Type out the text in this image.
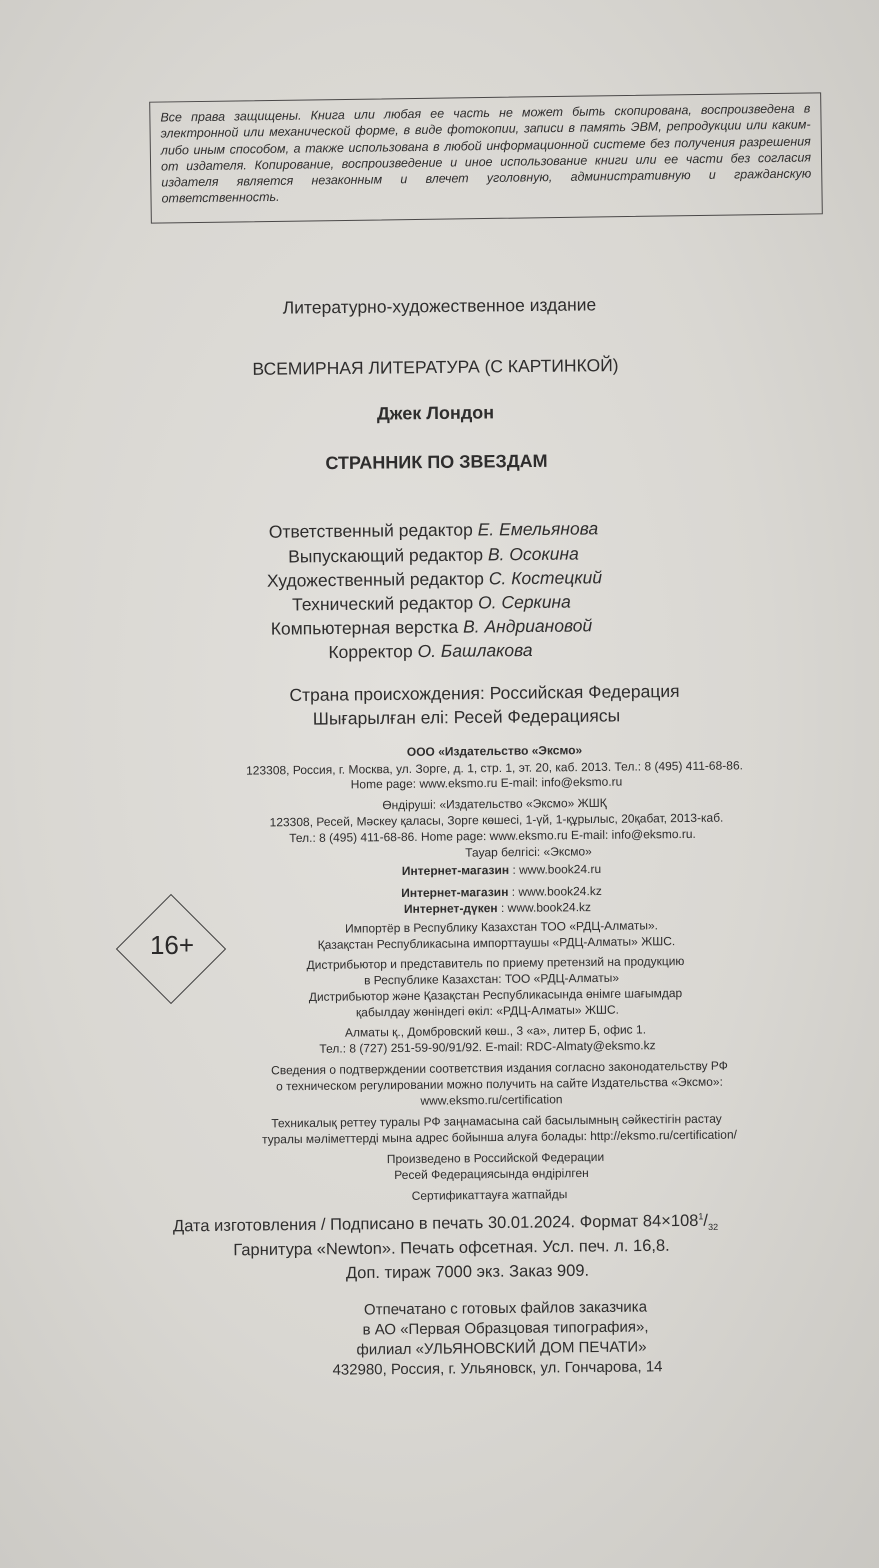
Все права защищены. Книга или любая ее часть не может быть скопирована, воспроизведена в электронной или механической форме, в виде фотокопии, записи в память ЭВМ, репродукции или каким-либо иным способом, а также использована в любой информационной системе без получения разрешения от издателя. Копирование, воспроизведение и иное использование книги или ее части без согласия издателя является незаконным и влечет уголовную, административную и гражданскую ответственность.
Литературно-художественное издание
ВСЕМИРНАЯ ЛИТЕРАТУРА (С КАРТИНКОЙ)
Джек Лондон
СТРАННИК ПО ЗВЕЗДАМ
Ответственный редактор Е. Емельянова
Выпускающий редактор В. Осокина
Художественный редактор С. Костецкий
Технический редактор О. Серкина
Компьютерная верстка В. Андриановой
Корректор О. Башлакова
Страна происхождения: Российская Федерация
Шығарылған елі: Ресей Федерациясы
ООО «Издательство «Эксмо»
123308, Россия, г. Москва, ул. Зорге, д. 1, стр. 1, эт. 20, каб. 2013. Тел.: 8 (495) 411-68-86.
Home page: www.eksmo.ru E-mail: info@eksmo.ru
Өндіруші: «Издательство «Эксмо» ЖШҚ
123308, Ресей, Мәскеу қаласы, Зорге көшесі, 1-үй, 1-құрылыс, 20қабат, 2013-каб.
Тел.: 8 (495) 411-68-86. Home page: www.eksmo.ru E-mail: info@eksmo.ru.
Тауар белгісі: «Эксмо»
Интернет-магазин : www.book24.ru
Интернет-магазин : www.book24.kz
Интернет-дүкен : www.book24.kz
16+
Импортёр в Республику Казахстан ТОО «РДЦ-Алматы».
Қазақстан Республикасына импорттаушы «РДЦ-Алматы» ЖШС.
Дистрибьютор и представитель по приему претензий на продукцию
в Республике Казахстан: ТОО «РДЦ-Алматы»
Дистрибьютор және Қазақстан Республикасында өнімге шағымдар
қабылдау жөніндегі өкіл: «РДЦ-Алматы» ЖШС.
Алматы қ., Домбровский көш., 3 «а», литер Б, офис 1.
Тел.: 8 (727) 251-59-90/91/92. E-mail: RDC-Almaty@eksmo.kz
Сведения о подтверждении соответствия издания согласно законодательству РФ
о техническом регулировании можно получить на сайте Издательства «Эксмо»:
www.eksmo.ru/certification
Техникалық реттеу туралы РФ заңнамасына сай басылымның сәйкестігін растау
туралы мәліметтерді мына адрес бойынша алуға болады: http://eksmo.ru/certification/
Произведено в Российской Федерации
Ресей Федерациясында өндірілген
Сертификаттауға жатпайды
Дата изготовления / Подписано в печать 30.01.2024. Формат $84\times 108^1/_{32}$
Гарнитура «Newton». Печать офсетная. Усл. печ. л. 16,8.
Доп. тираж 7000 экз. Заказ 909.
Отпечатано с готовых файлов заказчика
в АО «Первая Образцовая типография»,
филиал «УЛЬЯНОВСКИЙ ДОМ ПЕЧАТИ»
432980, Россия, г. Ульяновск, ул. Гончарова, 14
